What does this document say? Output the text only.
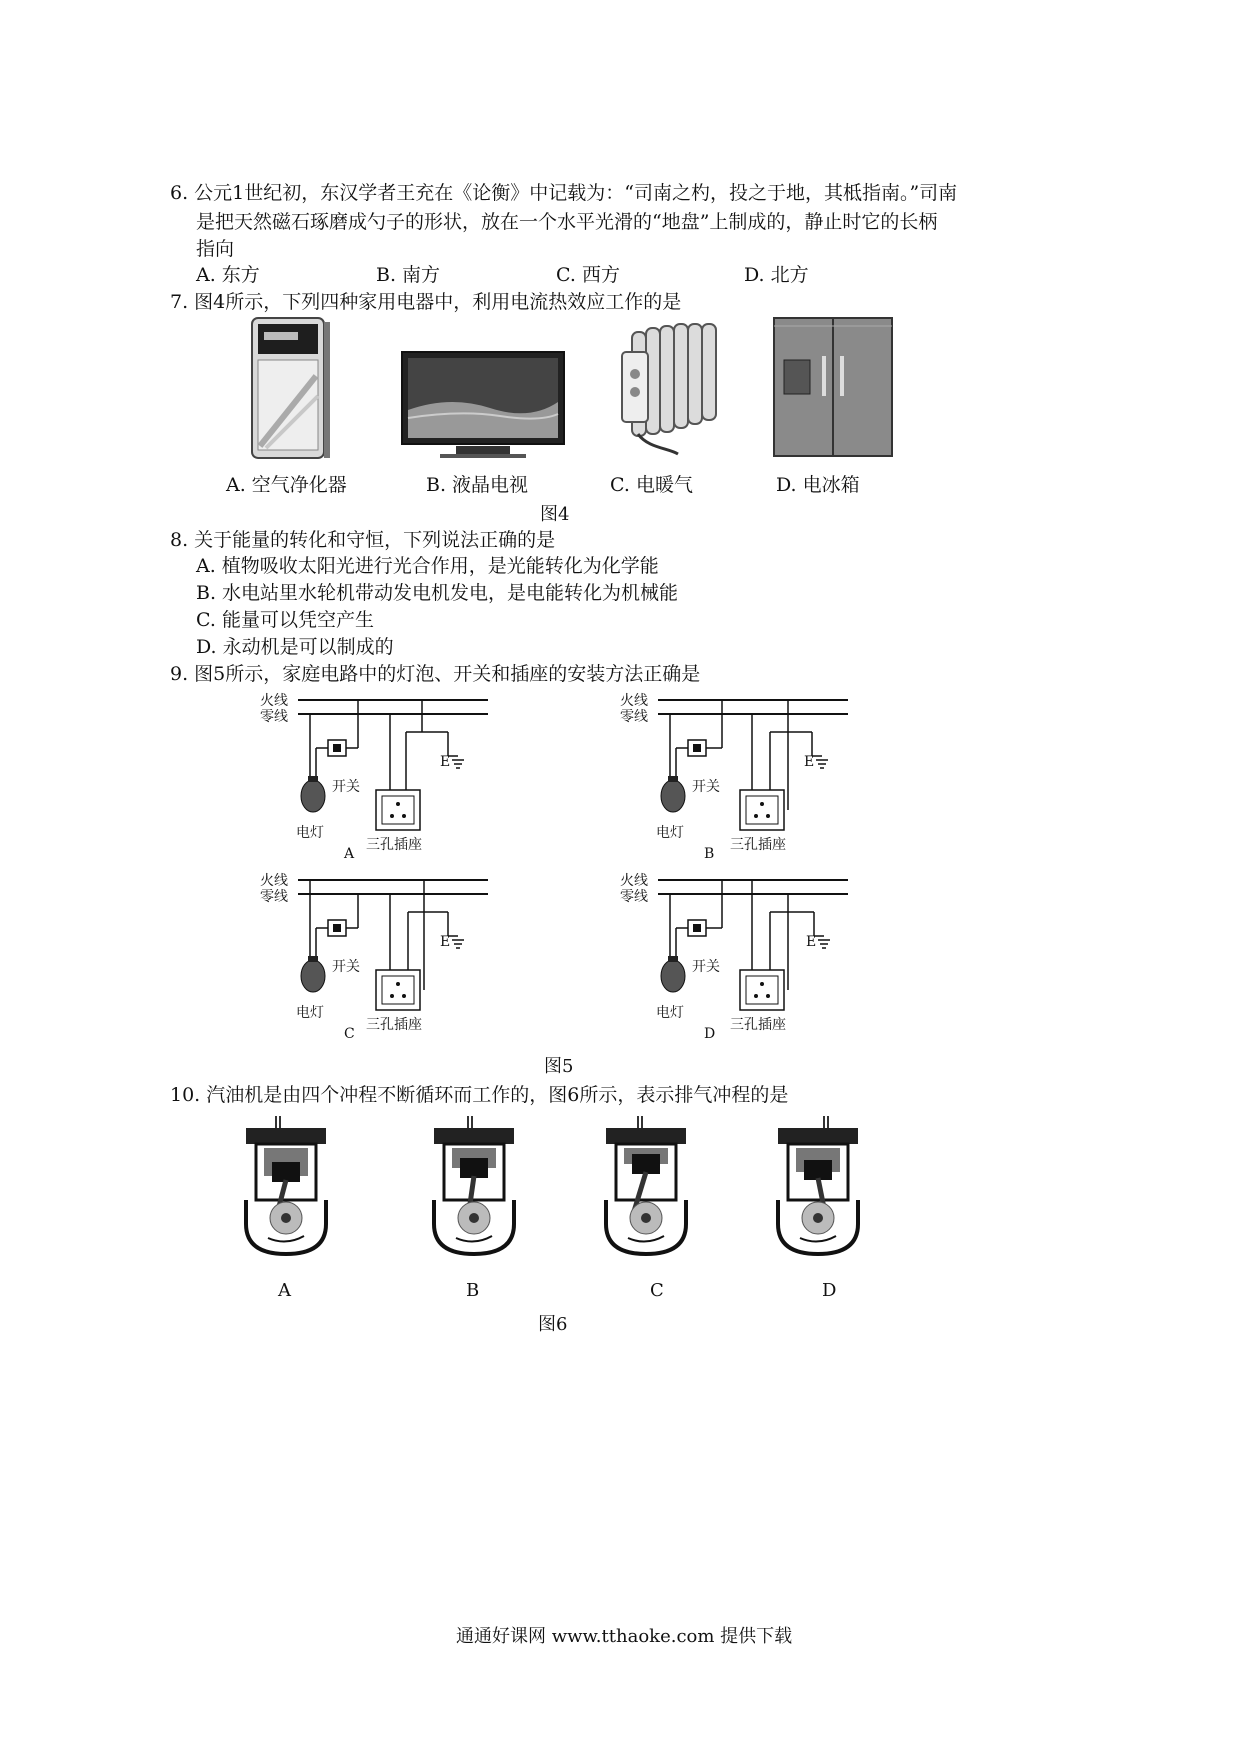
6. 公元1世纪初，东汉学者王充在《论衡》中记载为：“司南之杓，投之于地，其柢指南。”司南
是把天然磁石琢磨成勺子的形状，放在一个水平光滑的“地盘”上制成的，静止时它的长柄
指向
A. 东方	B. 南方	C. 西方	D. 北方
7. 图4所示，下列四种家用电器中，利用电流热效应工作的是
A. 空气净化器	B. 液晶电视	C. 电暖气	D. 电冰箱
图4
8. 关于能量的转化和守恒，下列说法正确的是
A. 植物吸收太阳光进行光合作用，是光能转化为化学能
B. 水电站里水轮机带动发电机发电，是电能转化为机械能
C. 能量可以凭空产生
D. 永动机是可以制成的
9. 图5所示，家庭电路中的灯泡、开关和插座的安装方法正确是
火线
零线
E
开关
电灯
三孔插座
A
火线
零线
E
开关
电灯
三孔插座
B
火线
零线
E
开关
电灯
三孔插座
C
火线
零线
E
开关
电灯
三孔插座
D
图5
10. 汽油机是由四个冲程不断循环而工作的，图6所示，表示排气冲程的是
A	B	C	D
图6
通通好课网 www.tthaoke.com 提供下载
